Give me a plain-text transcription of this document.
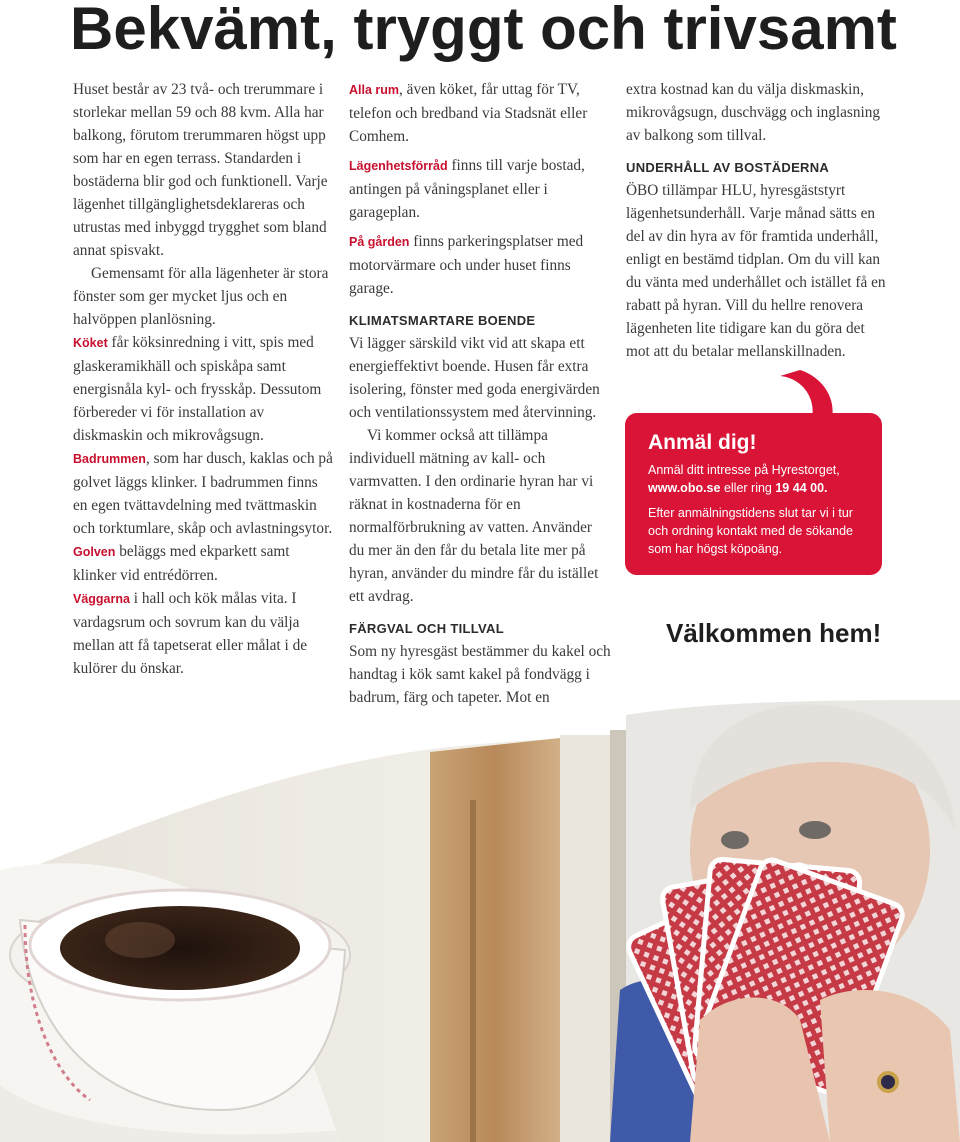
Bekvämt, tryggt och trivsamt

Huset består av 23 två- och trerummare i storlekar mellan 59 och 88 kvm. Alla har balkong, förutom trerummaren högst upp som har en egen terrass. Standarden i bostäderna blir god och funktionell. Varje lägenhet tillgänglighetsdeklareras och utrustas med inbyggd trygghet som bland annat spisvakt.

Gemensamt för alla lägenheter är stora fönster som ger mycket ljus och en halvöppen planlösning.

Köket får köksinredning i vitt, spis med glaskeramikhäll och spiskåpa samt energisnåla kyl- och frysskåp. Dessutom förbereder vi för installation av diskmaskin och mikrovågsugn.

Badrummen, som har dusch, kaklas och på golvet läggs klinker. I badrummen finns en egen tvättavdelning med tvättmaskin och torktumlare, skåp och avlastningsytor.

Golven beläggs med ekparkett samt klinker vid entrédörren.

Väggarna i hall och kök målas vita. I vardagsrum och sovrum kan du välja mellan att få tapetserat eller målat i de kulörer du önskar.

Alla rum, även köket, får uttag för TV, telefon och bredband via Stadsnät eller Comhem.

Lägenhetsförråd finns till varje bostad, antingen på våningsplanet eller i garageplan.

På gården finns parkeringsplatser med motorvärmare och under huset finns garage.

KLIMATSMARTARE BOENDE

Vi lägger särskild vikt vid att skapa ett energieffektivt boende. Husen får extra isolering, fönster med goda energivärden och ventilationssystem med återvinning.

Vi kommer också att tillämpa individuell mätning av kall- och varmvatten. I den ordinarie hyran har vi räknat in kostnaderna för en normalförbrukning av vatten. Använder du mer än den får du betala lite mer på hyran, använder du mindre får du istället ett avdrag.

FÄRGVAL OCH TILLVAL

Som ny hyresgäst bestämmer du kakel och handtag i kök samt kakel på fondvägg i badrum, färg och tapeter. Mot en

extra kostnad kan du välja diskmaskin, mikrovågsugn, duschvägg och inglasning av balkong som tillval.

UNDERHÅLL AV BOSTÄDERNA

ÖBO tillämpar HLU, hyresgäststyrt lägenhetsunderhåll. Varje månad sätts en del av din hyra av för framtida underhåll, enligt en bestämd tidplan. Om du vill kan du vänta med underhållet och istället få en rabatt på hyran. Vill du hellre renovera lägenheten lite tidigare kan du göra det mot att du betalar mellanskillnaden.

Anmäl dig!

Anmäl ditt intresse på Hyrestorget,
www.obo.se eller ring 19 44 00.

Efter anmälningstidens slut tar vi i tur och ordning kontakt med de sökande som har högst köpoäng.

Välkommen hem!
